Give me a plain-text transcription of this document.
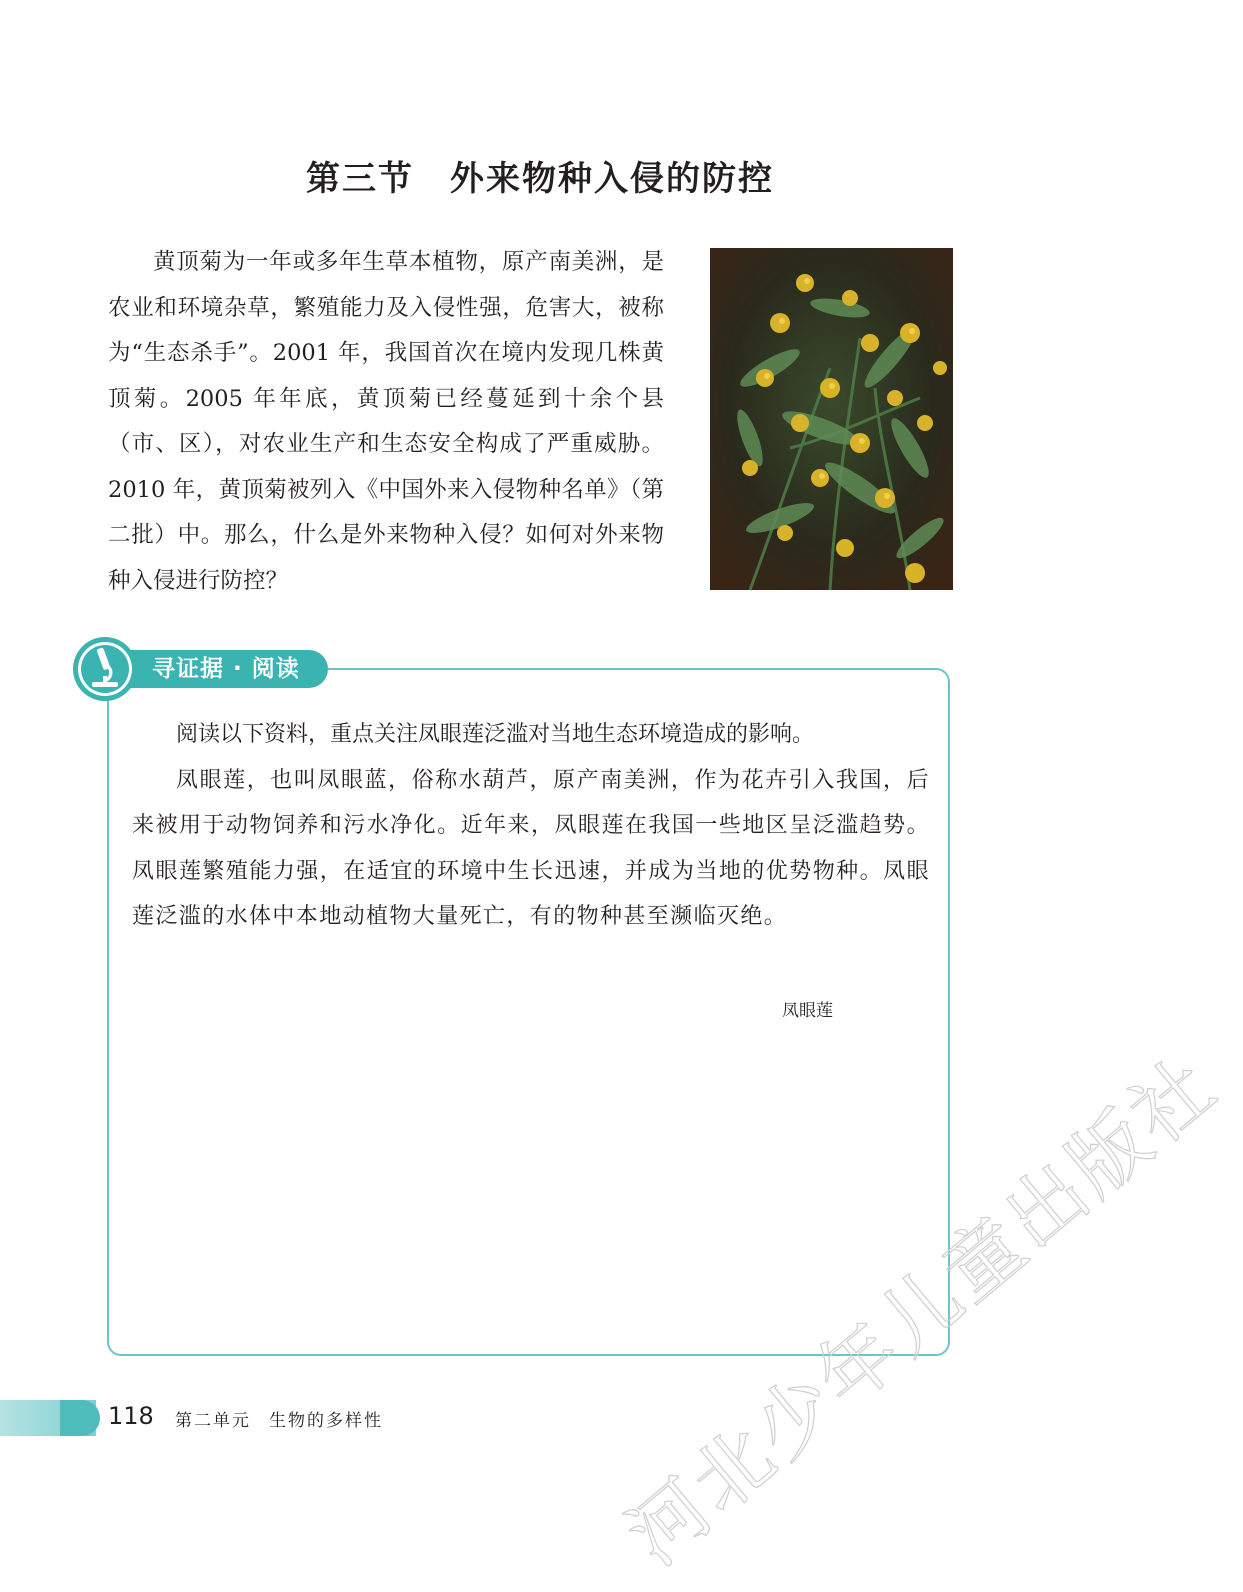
第三节 外来物种入侵的防控

黄顶菊为一年或多年生草本植物，原产南美洲，是农业和环境杂草，繁殖能力及入侵性强，危害大，被称为“生态杀手”。2001 年，我国首次在境内发现几株黄顶菊。2005 年年底，黄顶菊已经蔓延到十余个县（市、区），对农业生产和生态安全构成了严重威胁。2010 年，黄顶菊被列入《中国外来入侵物种名单》（第二批）中。那么，什么是外来物种入侵？如何对外来物种入侵进行防控？

寻证据 · 阅读

阅读以下资料，重点关注凤眼莲泛滥对当地生态环境造成的影响。

凤眼莲，也叫凤眼蓝，俗称水葫芦，原产南美洲，作为花卉引入我国，后来被用于动物饲养和污水净化。近年来，凤眼莲在我国一些地区呈泛滥趋势。凤眼莲繁殖能力强，在适宜的环境中生长迅速，并成为当地的优势物种。凤眼莲泛滥的水体中本地动植物大量死亡，有的物种甚至濒临灭绝。

凤眼莲
118 第二单元 生物的多样性	河北少年儿童出版社
